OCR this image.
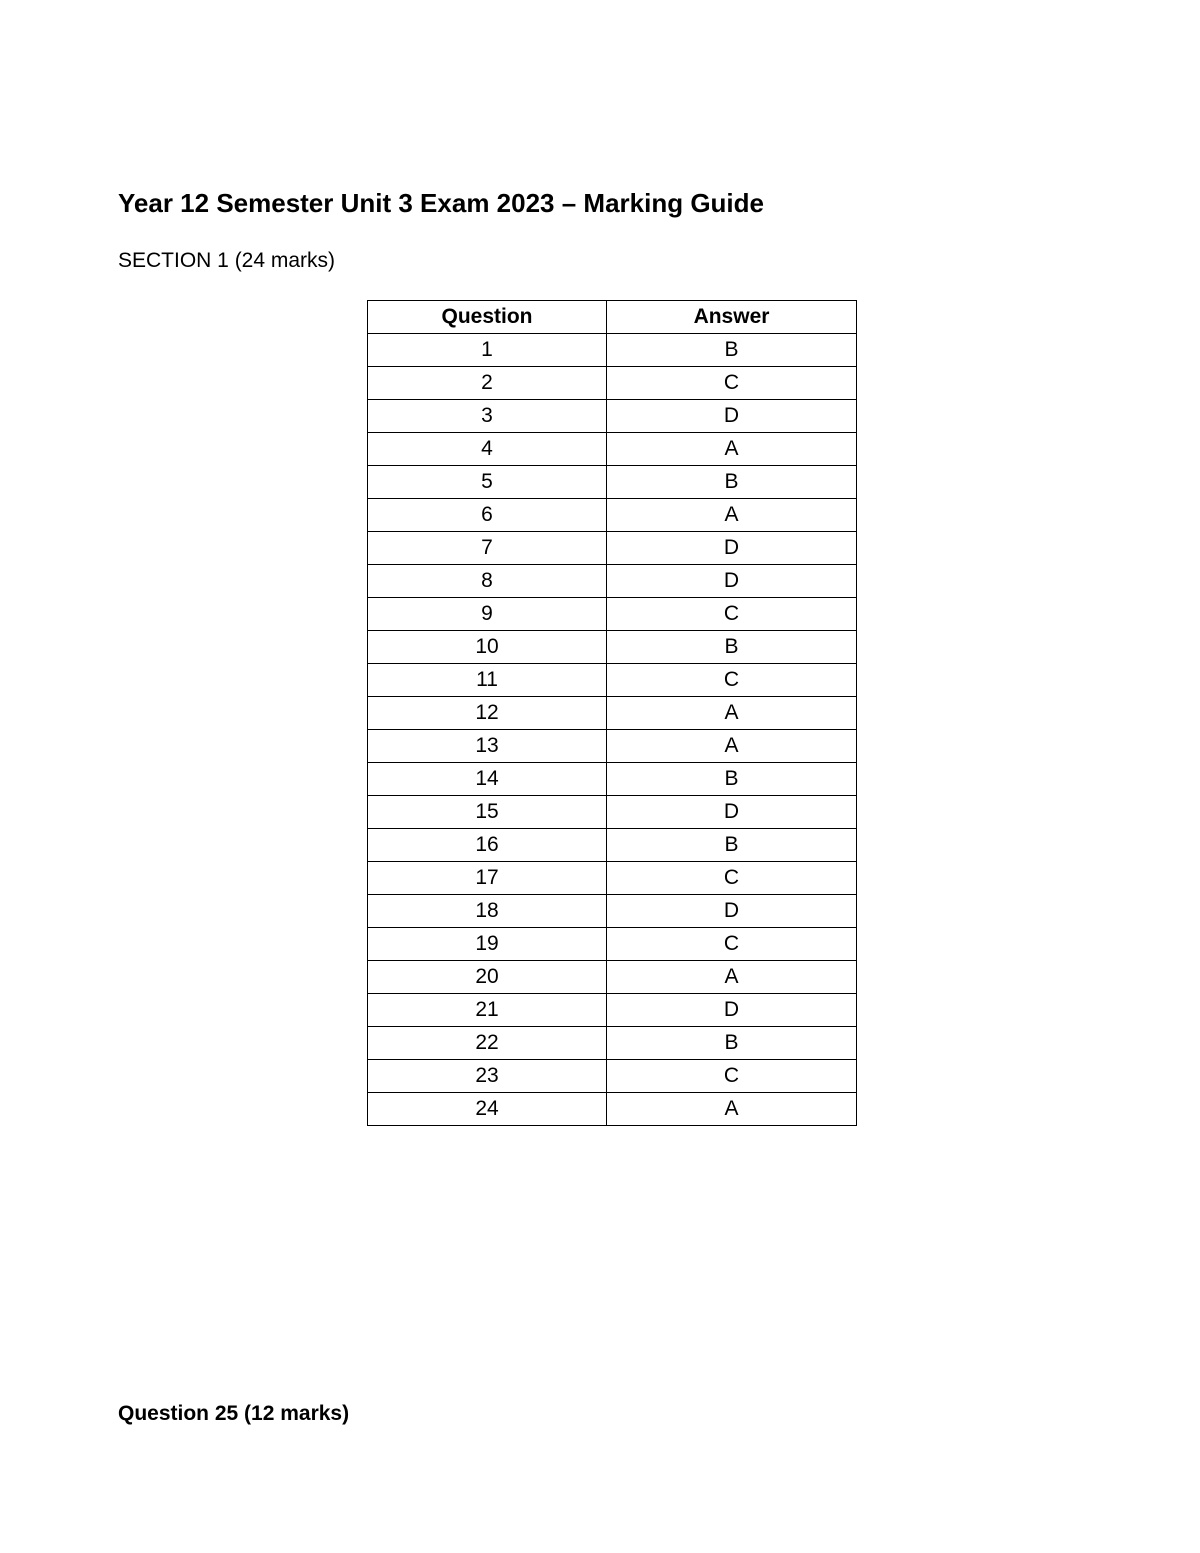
Year 12 Semester Unit 3 Exam 2023 – Marking Guide
SECTION 1 (24 marks)
Question	Answer
1	B
2	C
3	D
4	A
5	B
6	A
7	D
8	D
9	C
10	B
11	C
12	A
13	A
14	B
15	D
16	B
17	C
18	D
19	C
20	A
21	D
22	B
23	C
24	A
Question 25 (12 marks)
